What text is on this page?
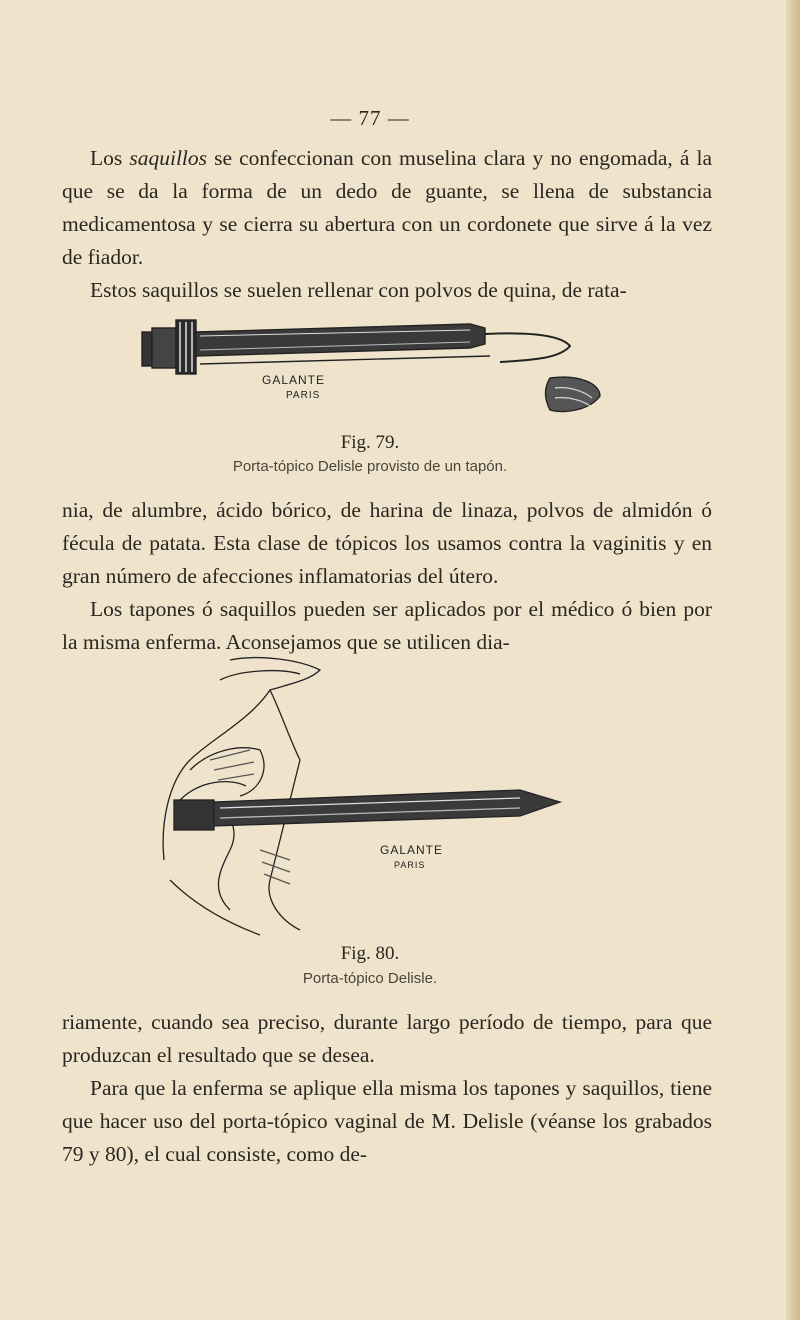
— 77 —

Los saquillos se confeccionan con muselina clara y no engomada, á la que se da la forma de un dedo de guante, se llena de substancia medicamentosa y se cierra su abertura con un cordonete que sirve á la vez de fiador.

Estos saquillos se suelen rellenar con polvos de quina, de rata-

GALANTE
PARIS
Fig. 79.
Porta-tópico Delisle provisto de un tapón.

nia, de alumbre, ácido bórico, de harina de linaza, polvos de almidón ó fécula de patata. Esta clase de tópicos los usamos contra la vaginitis y en gran número de afecciones inflamatorias del útero.

Los tapones ó saquillos pueden ser aplicados por el médico ó bien por la misma enferma. Aconsejamos que se utilicen dia-

GALANTE
PARIS
Fig. 80.
Porta-tópico Delisle.

riamente, cuando sea preciso, durante largo período de tiempo, para que produzcan el resultado que se desea.

Para que la enferma se aplique ella misma los tapones y saquillos, tiene que hacer uso del porta-tópico vaginal de M. Delisle (véanse los grabados 79 y 80), el cual consiste, como de-
